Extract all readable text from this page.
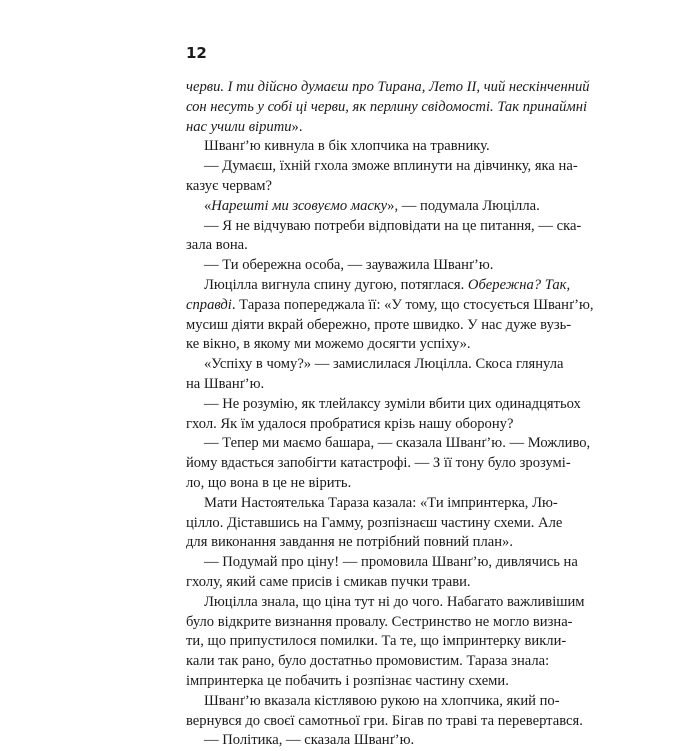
12
черви. І ти дійсно думаєш про Тирана, Лето ІІ, чий нескінченний
сон несуть у собі ці черви, як перлину свідомості. Так принаймні
нас учили вірити».
Шванґ’ю кивнула в бік хлопчика на травнику.
— Думаєш, їхній гхола зможе вплинути на дівчинку, яка на-
казує червам?
«Нарешті ми зсовуємо маску», — подумала Люцілла.
— Я не відчуваю потреби відповідати на це питання, — ска-
зала вона.
— Ти обережна особа, — зауважила Шванґ’ю.
Люцілла вигнула спину дугою, потяглася. Обережна? Так,
справді. Тараза попереджала її: «У тому, що стосується Шванґ’ю,
мусиш діяти вкрай обережно, проте швидко. У нас дуже вузь-
ке вікно, в якому ми можемо досягти успіху».
«Успіху в чому?» — замислилася Люцілла. Скоса глянула
на Шванґ’ю.
— Не розумію, як тлейлаксу зуміли вбити цих одинадцятьох
гхол. Як їм удалося пробратися крізь нашу оборону?
— Тепер ми маємо башара, — сказала Шванґ’ю. — Можливо,
йому вдасться запобігти катастрофі. — З її тону було зрозумі-
ло, що вона в це не вірить.
Мати Настоятелька Тараза казала: «Ти імпринтерка, Лю-
цілло. Діставшись на Гамму, розпізнаєш частину схеми. Але
для виконання завдання не потрібний повний план».
— Подумай про ціну! — промовила Шванґ’ю, дивлячись на
гхолу, який саме присів і смикав пучки трави.
Люцілла знала, що ціна тут ні до чого. Набагато важливішим
було відкрите визнання провалу. Сестринство не могло визна-
ти, що припустилося помилки. Та те, що імпринтерку викли-
кали так рано, було достатньо промовистим. Тараза знала:
імпринтерка це побачить і розпізнає частину схеми.
Шванґ’ю вказала кістлявою рукою на хлопчика, який по-
вернувся до своєї самотньої гри. Бігав по траві та перевертався.
— Політика, — сказала Шванґ’ю.
